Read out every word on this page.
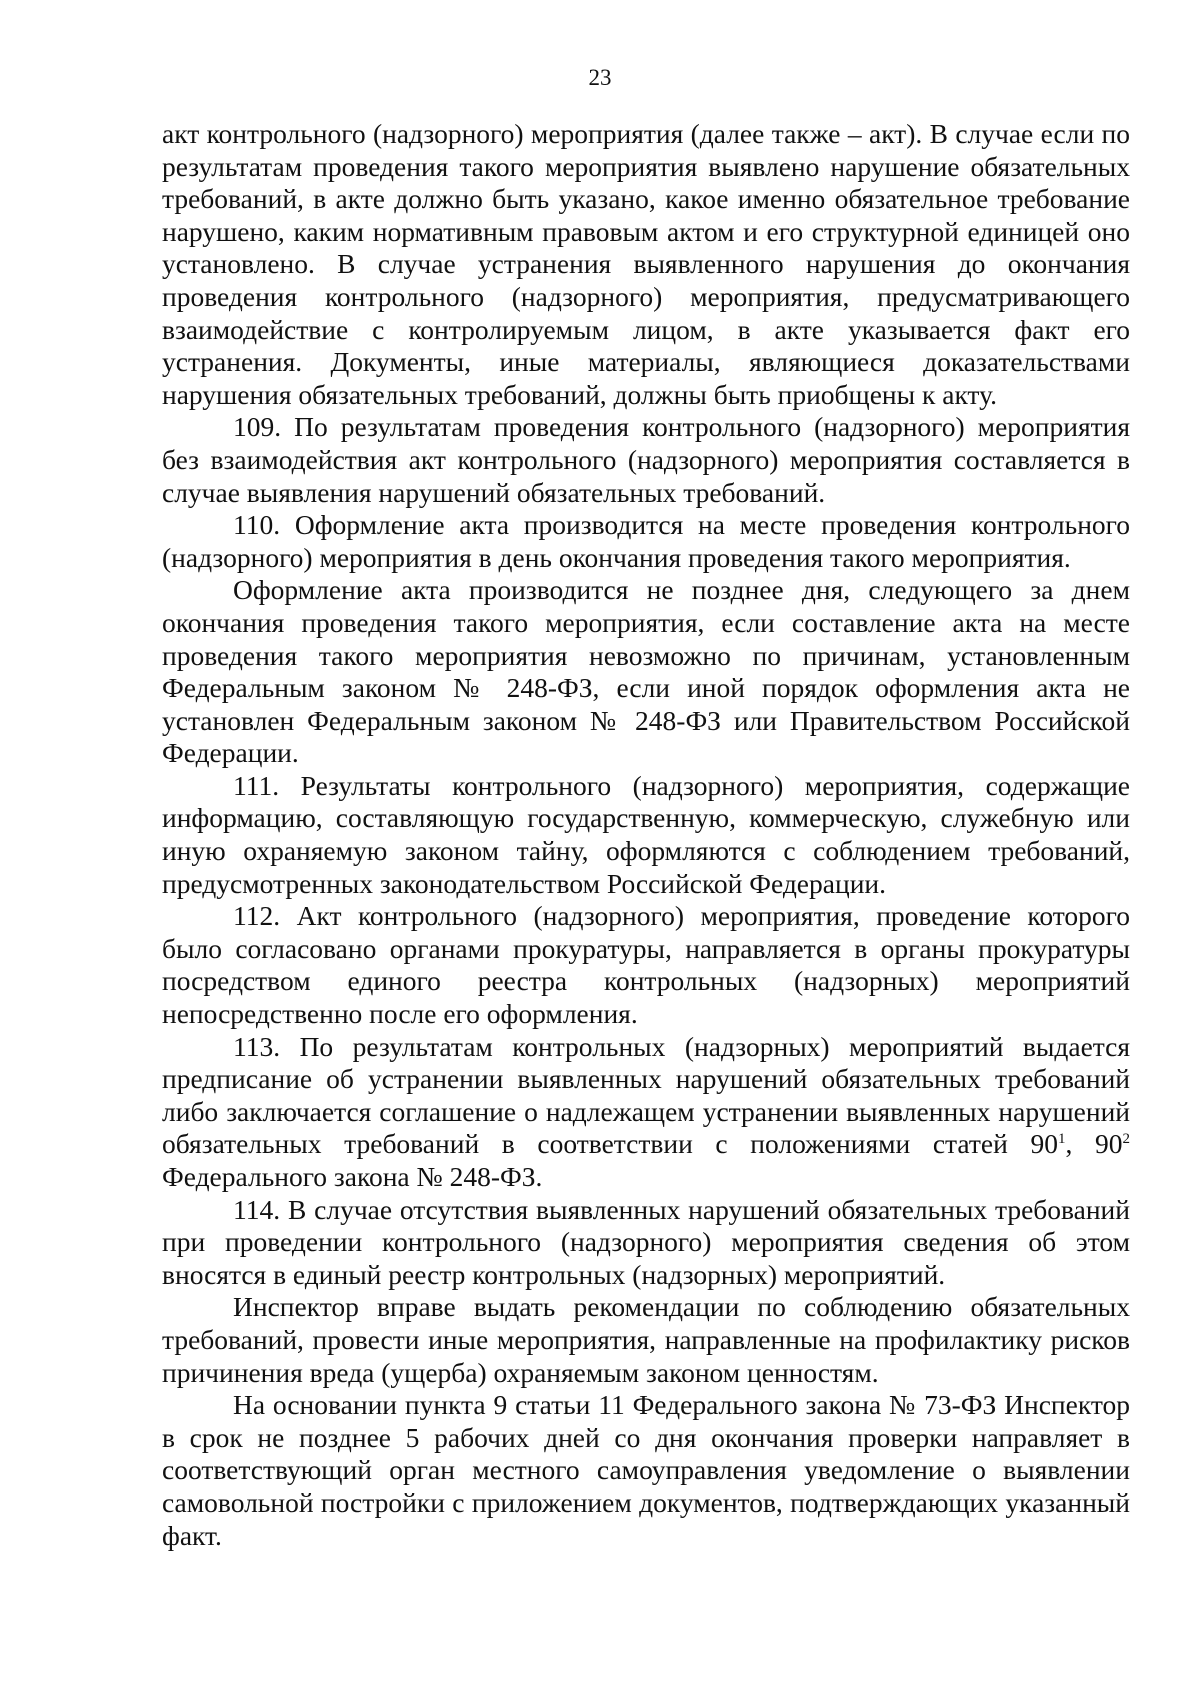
23

акт контрольного (надзорного) мероприятия (далее также – акт). В случае если по результатам проведения такого мероприятия выявлено нарушение обязательных требований, в акте должно быть указано, какое именно обязательное требование нарушено, каким нормативным правовым актом и его структурной единицей оно установлено. В случае устранения выявленного нарушения до окончания проведения контрольного (надзорного) мероприятия, предусматривающего взаимодействие с контролируемым лицом, в акте указывается факт его устранения. Документы, иные материалы, являющиеся доказательствами нарушения обязательных требований, должны быть приобщены к акту.

109. По результатам проведения контрольного (надзорного) мероприятия без взаимодействия акт контрольного (надзорного) мероприятия составляется в случае выявления нарушений обязательных требований.

110. Оформление акта производится на месте проведения контрольного (надзорного) мероприятия в день окончания проведения такого мероприятия.

Оформление акта производится не позднее дня, следующего за днем окончания проведения такого мероприятия, если составление акта на месте проведения такого мероприятия невозможно по причинам, установленным Федеральным законом № 248-ФЗ, если иной порядок оформления акта не установлен Федеральным законом № 248-ФЗ или Правительством Российской Федерации.

111. Результаты контрольного (надзорного) мероприятия, содержащие информацию, составляющую государственную, коммерческую, служебную или иную охраняемую законом тайну, оформляются с соблюдением требований, предусмотренных законодательством Российской Федерации.

112. Акт контрольного (надзорного) мероприятия, проведение которого было согласовано органами прокуратуры, направляется в органы прокуратуры посредством единого реестра контрольных (надзорных) мероприятий непосредственно после его оформления.

113. По результатам контрольных (надзорных) мероприятий выдается предписание об устранении выявленных нарушений обязательных требований либо заключается соглашение о надлежащем устранении выявленных нарушений обязательных требований в соответствии с положениями статей $90^1$, $90^2$ Федерального закона № 248-ФЗ.

114. В случае отсутствия выявленных нарушений обязательных требований при проведении контрольного (надзорного) мероприятия сведения об этом вносятся в единый реестр контрольных (надзорных) мероприятий.

Инспектор вправе выдать рекомендации по соблюдению обязательных требований, провести иные мероприятия, направленные на профилактику рисков причинения вреда (ущерба) охраняемым законом ценностям.

На основании пункта 9 статьи 11 Федерального закона № 73-ФЗ Инспектор в срок не позднее 5 рабочих дней со дня окончания проверки направляет в соответствующий орган местного самоуправления уведомление о выявлении самовольной постройки с приложением документов, подтверждающих указанный факт.
